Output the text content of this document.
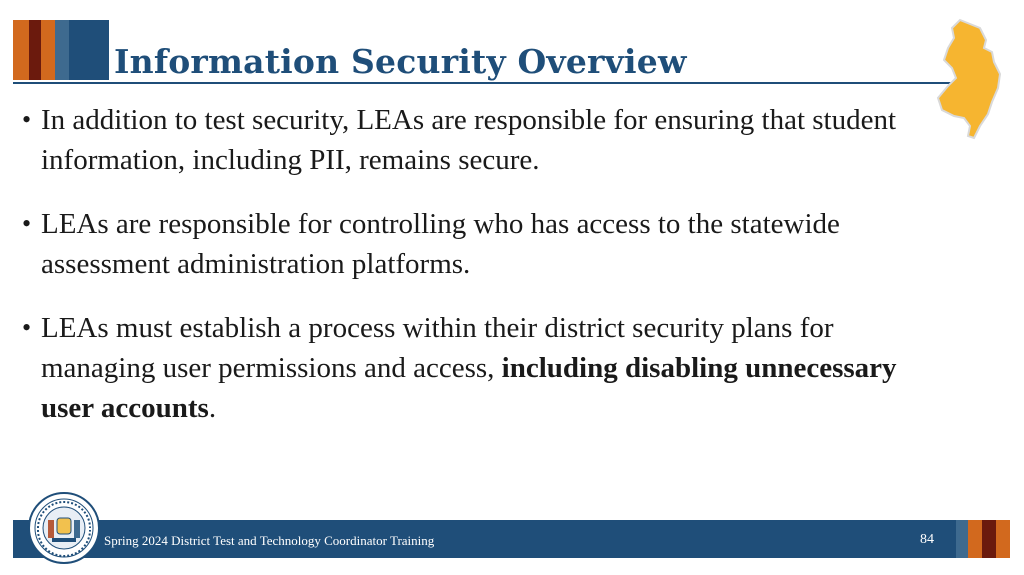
Information Security Overview
• In addition to test security, LEAs are responsible for ensuring that student information, including PII, remains secure.
• LEAs are responsible for controlling who has access to the statewide assessment administration platforms.
• LEAs must establish a process within their district security plans for managing user permissions and access, including disabling unnecessary user accounts.
Spring 2024 District Test and Technology Coordinator Training	84
